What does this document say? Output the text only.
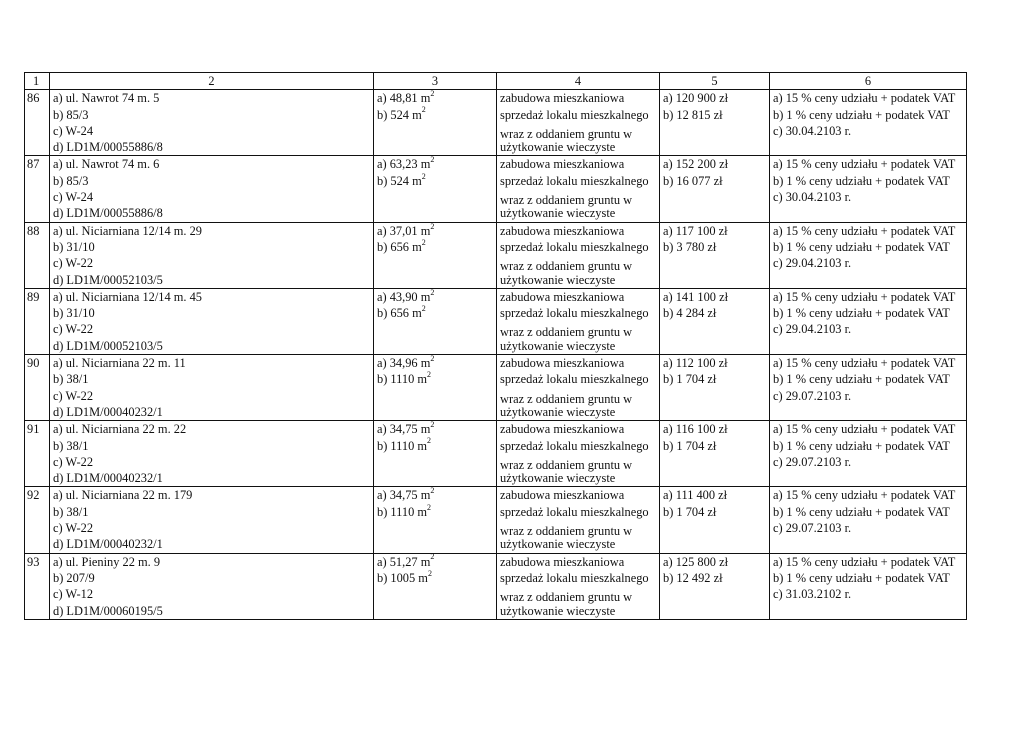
1	2	3	4	5	6
86	a) ul. Nawrot 74 m. 5
b) 85/3
c) W-24
d) LD1M/00055886/8	a) 48,81 $m^2$
b) 524 $m^2$	zabudowa mieszkaniowa
sprzedaż lokalu mieszkalnego
wraz z oddaniem gruntu w
użytkowanie wieczyste	a) 120 900 zł
b) 12 815 zł	a) 15 % ceny udziału + podatek VAT
b) 1 % ceny udziału + podatek VAT
c) 30.04.2103 r.

87	a) ul. Nawrot 74 m. 6
b) 85/3
c) W-24
d) LD1M/00055886/8	a) 63,23 $m^2$
b) 524 $m^2$	zabudowa mieszkaniowa
sprzedaż lokalu mieszkalnego
wraz z oddaniem gruntu w
użytkowanie wieczyste	a) 152 200 zł
b) 16 077 zł	a) 15 % ceny udziału + podatek VAT
b) 1 % ceny udziału + podatek VAT
c) 30.04.2103 r.

88	a) ul. Niciarniana 12/14 m. 29
b) 31/10
c) W-22
d) LD1M/00052103/5	a) 37,01 $m^2$
b) 656 $m^2$	zabudowa mieszkaniowa
sprzedaż lokalu mieszkalnego
wraz z oddaniem gruntu w
użytkowanie wieczyste	a) 117 100 zł
b) 3 780 zł	a) 15 % ceny udziału + podatek VAT
b) 1 % ceny udziału + podatek VAT
c) 29.04.2103 r.

89	a) ul. Niciarniana 12/14 m. 45
b) 31/10
c) W-22
d) LD1M/00052103/5	a) 43,90 $m^2$
b) 656 $m^2$	zabudowa mieszkaniowa
sprzedaż lokalu mieszkalnego
wraz z oddaniem gruntu w
użytkowanie wieczyste	a) 141 100 zł
b) 4 284 zł	a) 15 % ceny udziału + podatek VAT
b) 1 % ceny udziału + podatek VAT
c) 29.04.2103 r.

90	a) ul. Niciarniana 22 m. 11
b) 38/1
c) W-22
d) LD1M/00040232/1	a) 34,96 $m^2$
b) 1110 $m^2$	zabudowa mieszkaniowa
sprzedaż lokalu mieszkalnego
wraz z oddaniem gruntu w
użytkowanie wieczyste	a) 112 100 zł
b) 1 704 zł	a) 15 % ceny udziału + podatek VAT
b) 1 % ceny udziału + podatek VAT
c) 29.07.2103 r.

91	a) ul. Niciarniana 22 m. 22
b) 38/1
c) W-22
d) LD1M/00040232/1	a) 34,75 $m^2$
b) 1110 $m^2$	zabudowa mieszkaniowa
sprzedaż lokalu mieszkalnego
wraz z oddaniem gruntu w
użytkowanie wieczyste	a) 116 100 zł
b) 1 704 zł	a) 15 % ceny udziału + podatek VAT
b) 1 % ceny udziału + podatek VAT
c) 29.07.2103 r.

92	a) ul. Niciarniana 22 m. 179
b) 38/1
c) W-22
d) LD1M/00040232/1	a) 34,75 $m^2$
b) 1110 $m^2$	zabudowa mieszkaniowa
sprzedaż lokalu mieszkalnego
wraz z oddaniem gruntu w
użytkowanie wieczyste	a) 111 400 zł
b) 1 704 zł	a) 15 % ceny udziału + podatek VAT
b) 1 % ceny udziału + podatek VAT
c) 29.07.2103 r.

93	a) ul. Pieniny 22 m. 9
b) 207/9
c) W-12
d) LD1M/00060195/5	a) 51,27 $m^2$
b) 1005 $m^2$	zabudowa mieszkaniowa
sprzedaż lokalu mieszkalnego
wraz z oddaniem gruntu w
użytkowanie wieczyste	a) 125 800 zł
b) 12 492 zł	a) 15 % ceny udziału + podatek VAT
b) 1 % ceny udziału + podatek VAT
c) 31.03.2102 r.
